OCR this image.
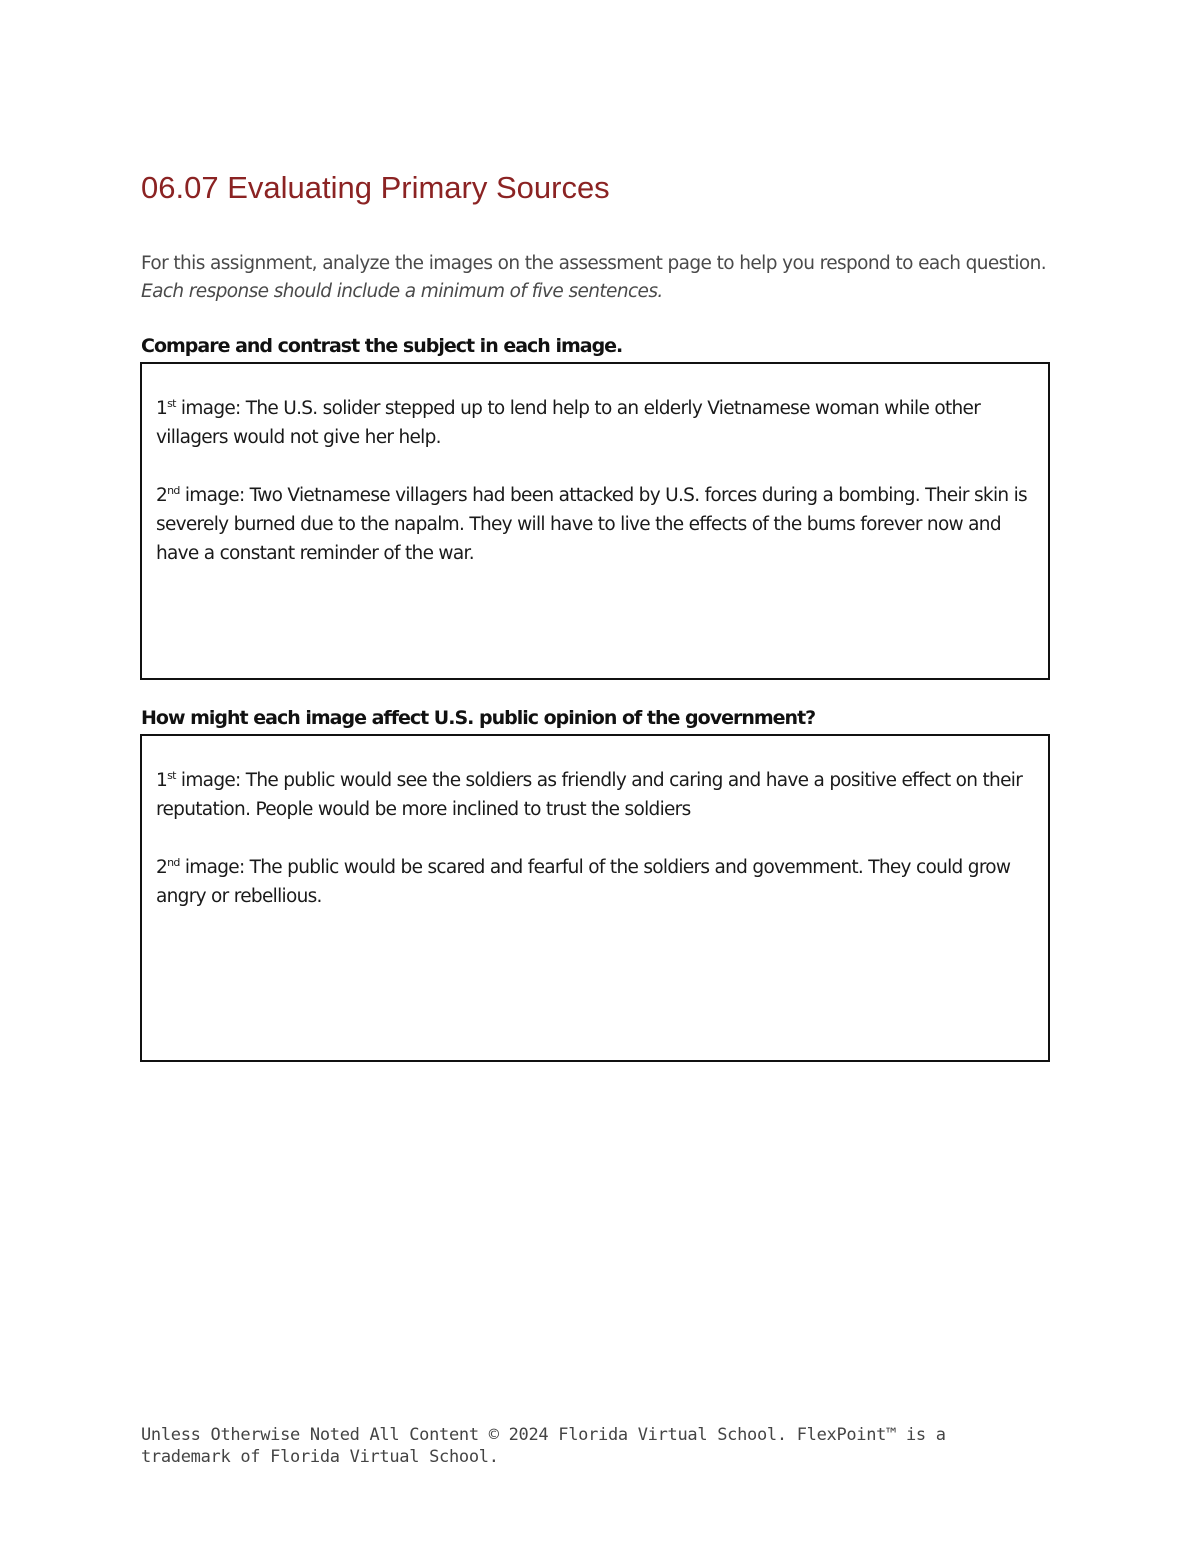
06.07 Evaluating Primary Sources

For this assignment, analyze the images on the assessment page to help you respond to each question. Each response should include a minimum of five sentences.

Compare and contrast the subject in each image.

1st image: The U.S. solider stepped up to lend help to an elderly Vietnamese woman while other villagers would not give her help.

2nd image: Two Vietnamese villagers had been attacked by U.S. forces during a bombing. Their skin is severely burned due to the napalm. They will have to live the effects of the bums forever now and have a constant reminder of the war.

How might each image affect U.S. public opinion of the government?

1st image: The public would see the soldiers as friendly and caring and have a positive effect on their reputation. People would be more inclined to trust the soldiers

2nd image: The public would be scared and fearful of the soldiers and govemment. They could grow angry or rebellious.

Unless Otherwise Noted All Content © 2024 Florida Virtual School. FlexPoint™ is a trademark of Florida Virtual School.
